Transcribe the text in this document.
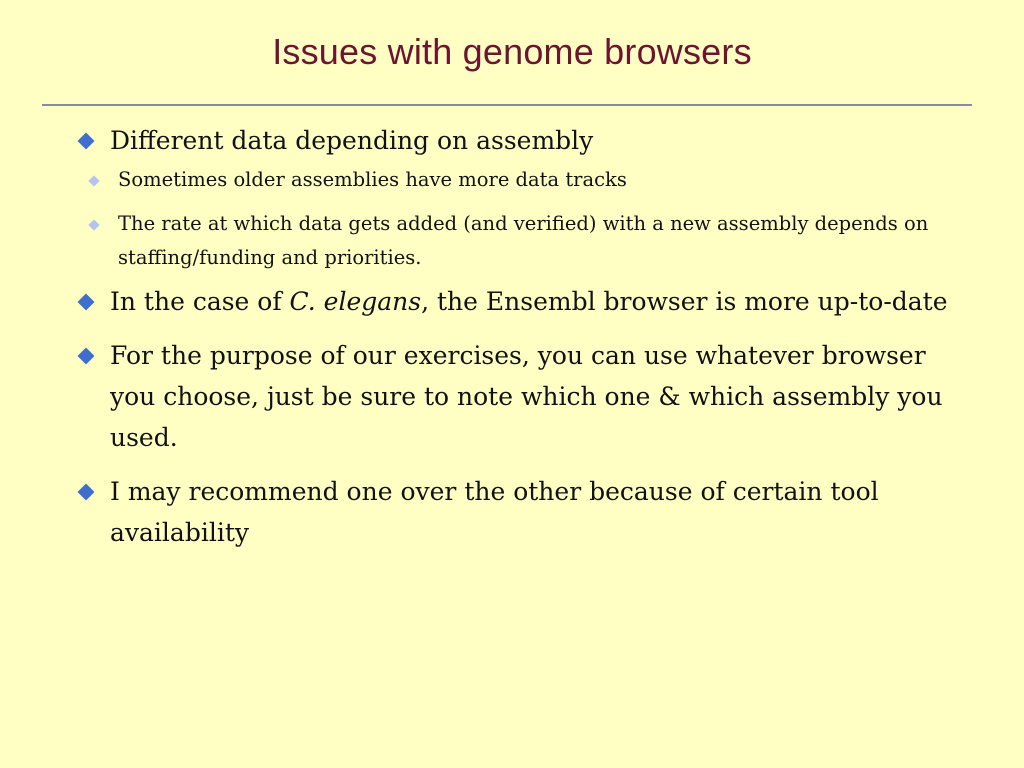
Issues with genome browsers
Different data depending on assembly
Sometimes older assemblies have more data tracks
The rate at which data gets added (and verified) with a new assembly depends on staffing/funding and priorities.
In the case of C. elegans, the Ensembl browser is more up-to-date
For the purpose of our exercises, you can use whatever browser you choose, just be sure to note which one & which assembly you used.
I may recommend one over the other because of certain tool availability
